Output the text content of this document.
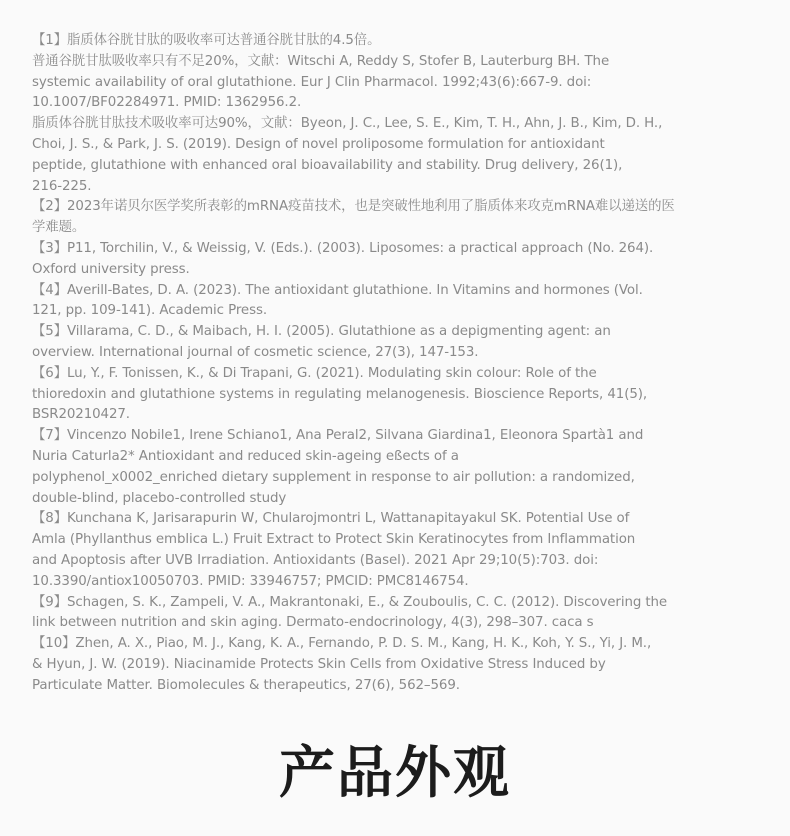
【1】脂质体谷胱甘肽的吸收率可达普通谷胱甘肽的4.5倍。

普通谷胱甘肽吸收率只有不足20%，文献：Witschi A, Reddy S, Stofer B, Lauterburg BH. The

systemic availability of oral glutathione. Eur J Clin Pharmacol. 1992;43(6):667-9. doi:

10.1007/BF02284971. PMID: 1362956.2.

脂质体谷胱甘肽技术吸收率可达90%，文献：Byeon, J. C., Lee, S. E., Kim, T. H., Ahn, J. B., Kim, D. H.,

Choi, J. S., & Park, J. S. (2019). Design of novel proliposome formulation for antioxidant

peptide, glutathione with enhanced oral bioavailability and stability. Drug delivery, 26(1),

216-225.

【2】2023年诺贝尔医学奖所表彰的mRNA疫苗技术，也是突破性地利用了脂质体来攻克mRNA难以递送的医

学难题。

【3】P11, Torchilin, V., & Weissig, V. (Eds.). (2003). Liposomes: a practical approach (No. 264).

Oxford university press.

【4】Averill-Bates, D. A. (2023). The antioxidant glutathione. In Vitamins and hormones (Vol.

121, pp. 109-141). Academic Press.

【5】Villarama, C. D., & Maibach, H. I. (2005). Glutathione as a depigmenting agent: an

overview. International journal of cosmetic science, 27(3), 147-153.

【6】Lu, Y., F. Tonissen, K., & Di Trapani, G. (2021). Modulating skin colour: Role of the

thioredoxin and glutathione systems in regulating melanogenesis. Bioscience Reports, 41(5),

BSR20210427.

【7】Vincenzo Nobile1, Irene Schiano1, Ana Peral2, Silvana Giardina1, Eleonora Spartà1 and

Nuria Caturla2* Antioxidant and reduced skin-ageing eßects of a

polyphenol_x0002_enriched dietary supplement in response to air pollution: a randomized,

double-blind, placebo-controlled study

【8】Kunchana K, Jarisarapurin W, Chularojmontri L, Wattanapitayakul SK. Potential Use of

Amla (Phyllanthus emblica L.) Fruit Extract to Protect Skin Keratinocytes from Inflammation

and Apoptosis after UVB Irradiation. Antioxidants (Basel). 2021 Apr 29;10(5):703. doi:

10.3390/antiox10050703. PMID: 33946757; PMCID: PMC8146754.

【9】Schagen, S. K., Zampeli, V. A., Makrantonaki, E., & Zouboulis, C. C. (2012). Discovering the

link between nutrition and skin aging. Dermato-endocrinology, 4(3), 298–307. caca s

【10】Zhen, A. X., Piao, M. J., Kang, K. A., Fernando, P. D. S. M., Kang, H. K., Koh, Y. S., Yi, J. M.,

& Hyun, J. W. (2019). Niacinamide Protects Skin Cells from Oxidative Stress Induced by

Particulate Matter. Biomolecules & therapeutics, 27(6), 562–569.

产品外观
